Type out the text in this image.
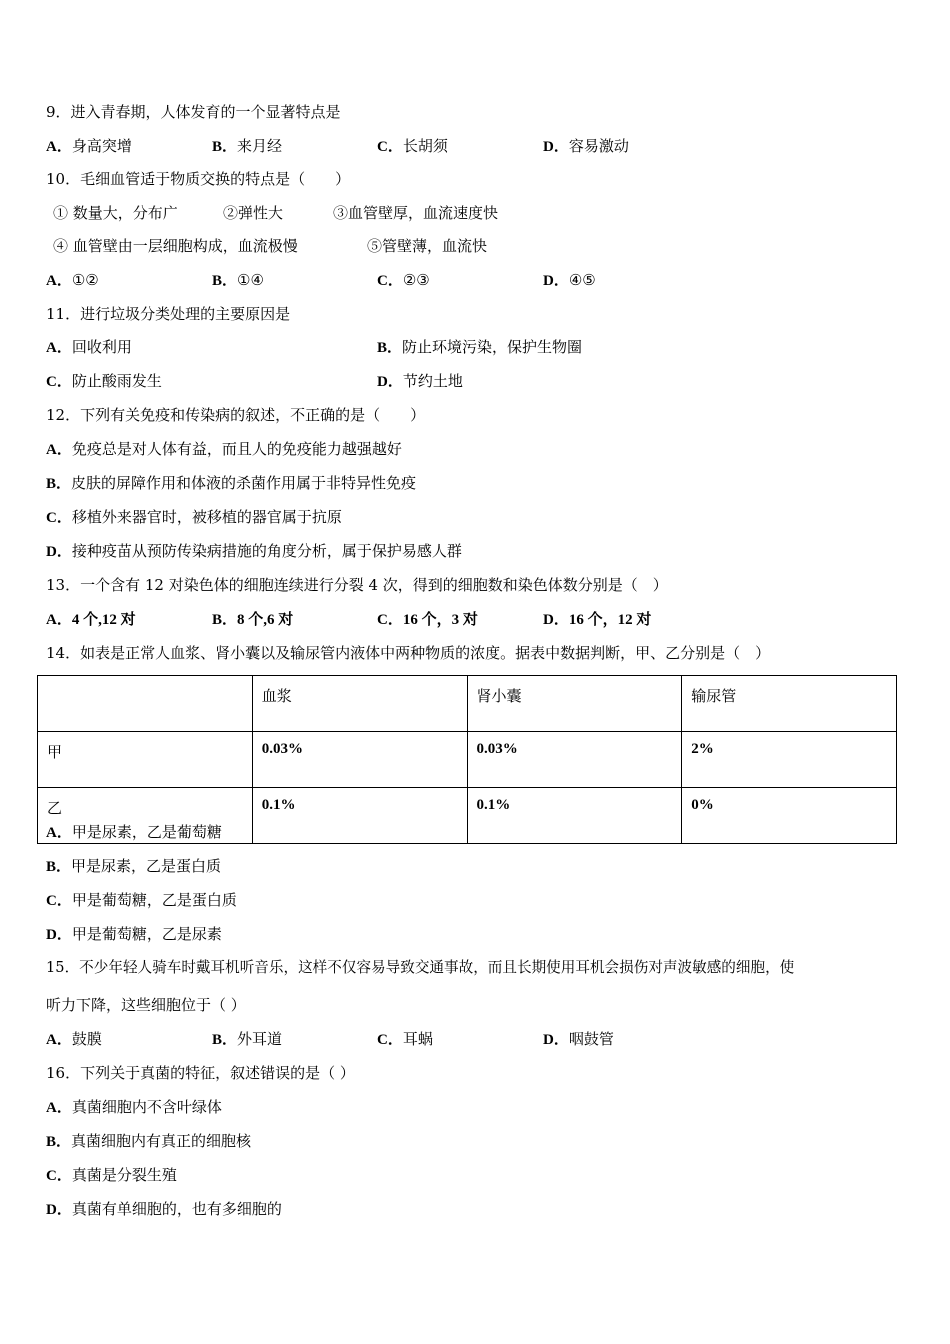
9．进入青春期，人体发育的一个显著特点是
A．身高突增	B．来月经	C．长胡须	D．容易激动
10．毛细血管适于物质交换的特点是（　　）
① 数量大，分布广	②弹性大	③血管壁厚，血流速度快
④ 血管壁由一层细胞构成，血流极慢	⑤管壁薄，血流快
A．①②	B．①④	C．②③	D．④⑤
11．进行垃圾分类处理的主要原因是
A．回收利用	B．防止环境污染，保护生物圈
C．防止酸雨发生	D．节约土地
12．下列有关免疫和传染病的叙述，不正确的是（　　）
A．免疫总是对人体有益，而且人的免疫能力越强越好
B．皮肤的屏障作用和体液的杀菌作用属于非特异性免疫
C．移植外来器官时，被移植的器官属于抗原
D．接种疫苗从预防传染病措施的角度分析，属于保护易感人群
13．一个含有 12 对染色体的细胞连续进行分裂 4 次，得到的细胞数和染色体数分别是（　）
A．4 个,12 对	B．8 个,6 对	C．16 个，3 对	D．16 个，12 对
14．如表是正常人血浆、肾小囊以及输尿管内液体中两种物质的浓度。据表中数据判断，甲、乙分别是（　）
	血浆	肾小囊	输尿管
甲	0.03%	0.03%	2%
乙	0.1%	0.1%	0%
A．甲是尿素，乙是葡萄糖
B．甲是尿素，乙是蛋白质
C．甲是葡萄糖，乙是蛋白质
D．甲是葡萄糖，乙是尿素
15．不少年轻人骑车时戴耳机听音乐，这样不仅容易导致交通事故，而且长期使用耳机会损伤对声波敏感的细胞，使
听力下降，这些细胞位于（ ）
A．鼓膜	B．外耳道	C．耳蜗	D．咽鼓管
16．下列关于真菌的特征，叙述错误的是（ ）
A．真菌细胞内不含叶绿体
B．真菌细胞内有真正的细胞核
C．真菌是分裂生殖
D．真菌有单细胞的，也有多细胞的
